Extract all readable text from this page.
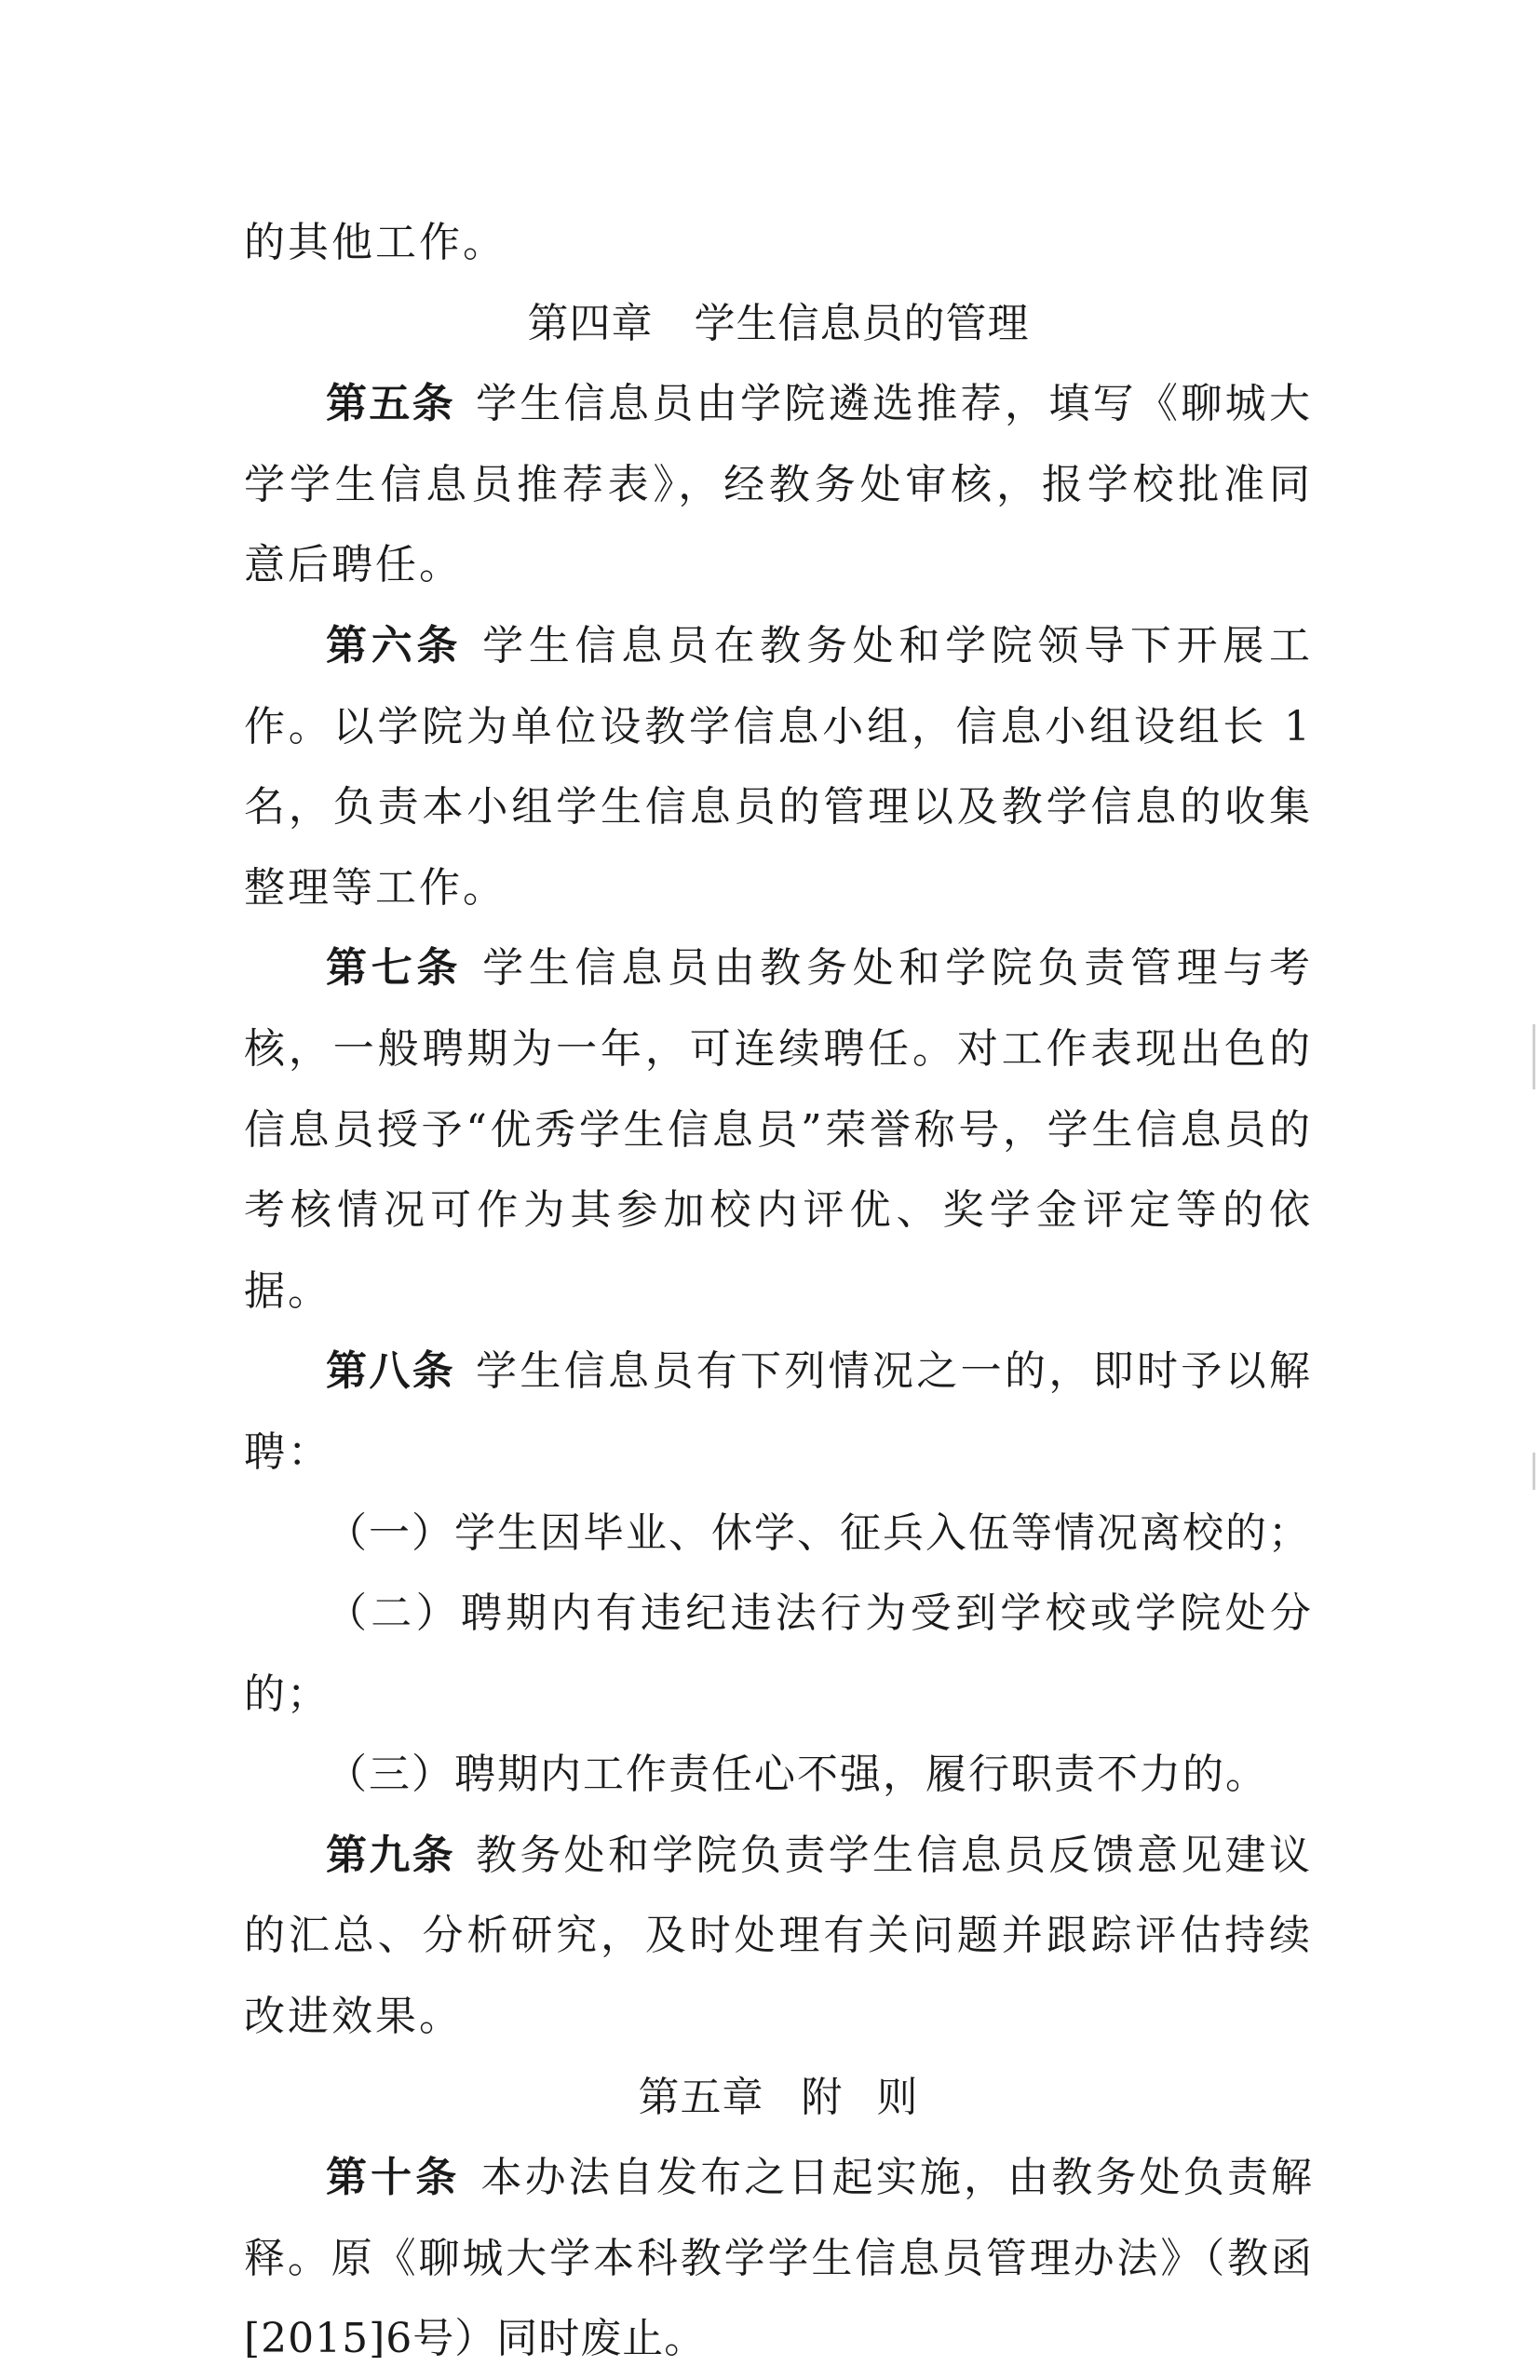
的其他工作。

第四章 学生信息员的管理

第五条 学生信息员由学院遴选推荐，填写《聊城大学学生信息员推荐表》，经教务处审核，报学校批准同意后聘任。

第六条 学生信息员在教务处和学院领导下开展工作。以学院为单位设教学信息小组，信息小组设组长 1 名，负责本小组学生信息员的管理以及教学信息的收集整理等工作。

第七条 学生信息员由教务处和学院负责管理与考核，一般聘期为一年，可连续聘任。对工作表现出色的信息员授予“优秀学生信息员”荣誉称号，学生信息员的考核情况可作为其参加校内评优、奖学金评定等的依据。

第八条 学生信息员有下列情况之一的，即时予以解聘：

（一）学生因毕业、休学、征兵入伍等情况离校的；

（二）聘期内有违纪违法行为受到学校或学院处分的；

（三）聘期内工作责任心不强，履行职责不力的。

第九条 教务处和学院负责学生信息员反馈意见建议的汇总、分析研究，及时处理有关问题并跟踪评估持续改进效果。

第五章 附 则

第十条 本办法自发布之日起实施，由教务处负责解释。原《聊城大学本科教学学生信息员管理办法》（教函[2015]6号）同时废止。
